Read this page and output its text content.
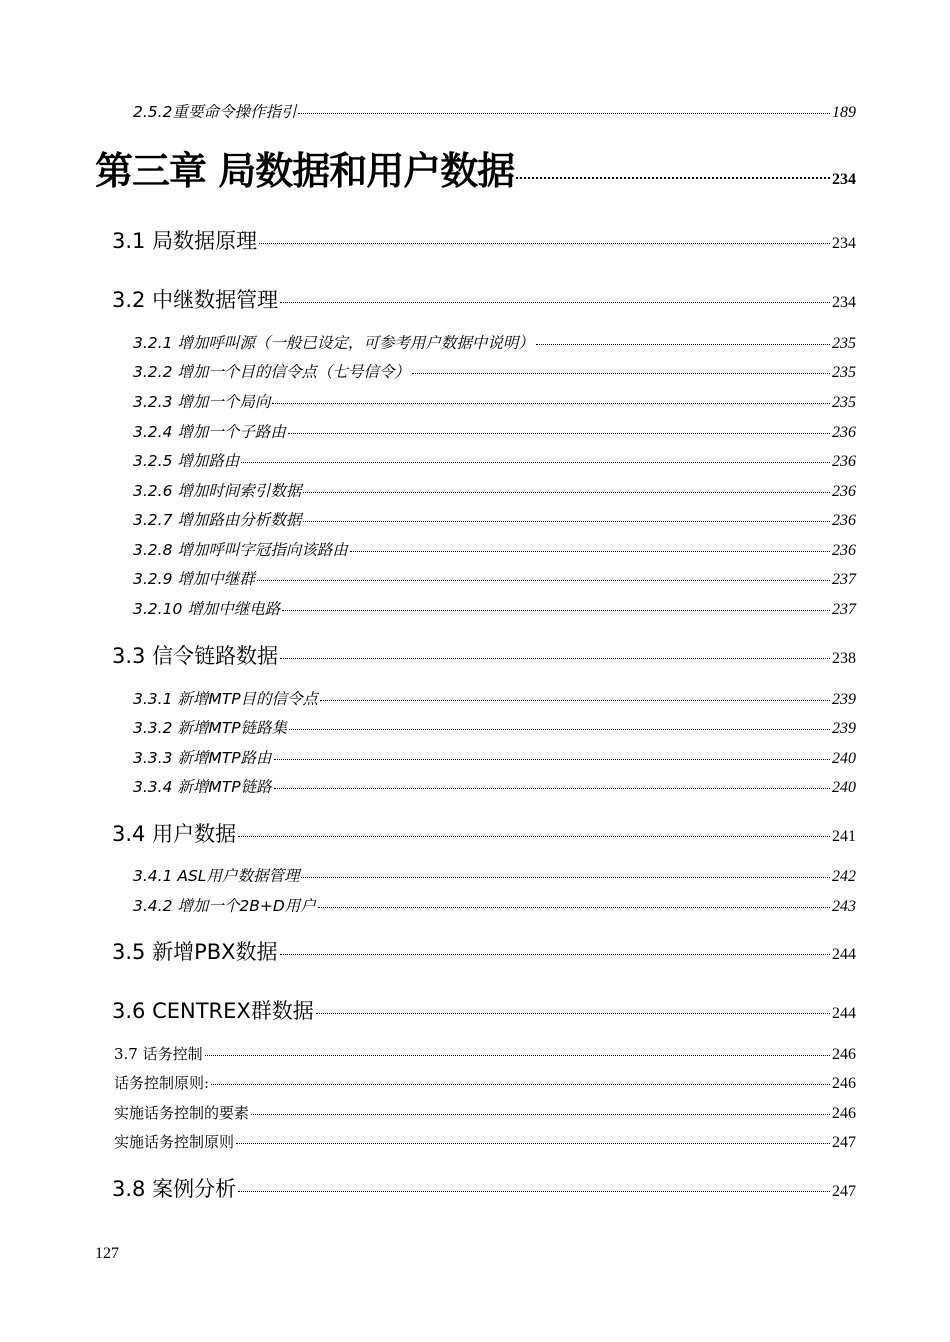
2.5.2重要命令操作指引	189
第三章 局数据和用户数据	234
3.1 局数据原理	234
3.2 中继数据管理	234
3.2.1 增加呼叫源（一般已设定，可参考用户数据中说明）	235
3.2.2 增加一个目的信令点（七号信令）	235
3.2.3 增加一个局向	235
3.2.4 增加一个子路由	236
3.2.5 增加路由	236
3.2.6 增加时间索引数据	236
3.2.7 增加路由分析数据	236
3.2.8 增加呼叫字冠指向该路由	236
3.2.9 增加中继群	237
3.2.10 增加中继电路	237
3.3 信令链路数据	238
3.3.1 新增MTP目的信令点	239
3.3.2 新增MTP链路集	239
3.3.3 新增MTP路由	240
3.3.4 新增MTP链路	240
3.4 用户数据	241
3.4.1 ASL用户数据管理	242
3.4.2 增加一个2B+D用户	243
3.5 新增PBX数据	244
3.6 CENTREX群数据	244
3.7 话务控制	246
话务控制原则:	246
实施话务控制的要素	246
实施话务控制原则	247
3.8 案例分析	247
127
